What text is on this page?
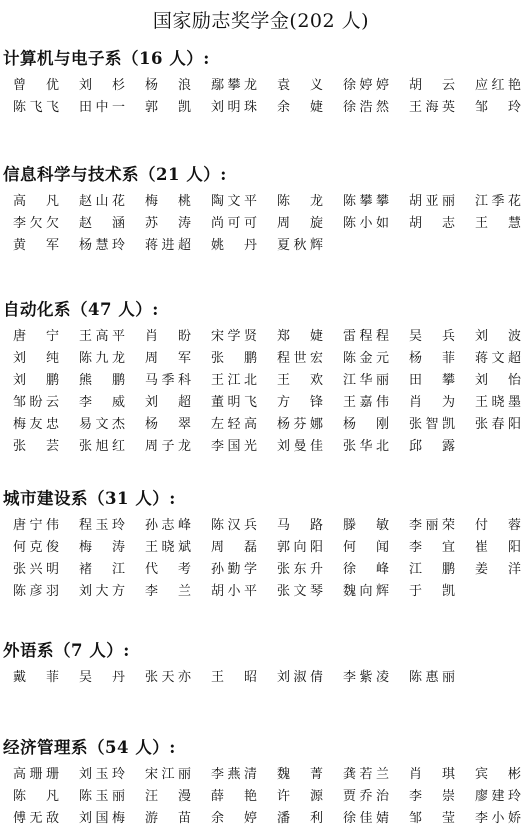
国家励志奖学金(202 人)
计算机与电子系（16 人）:
曾 优 刘 杉 杨 浪 鄢攀龙 袁 义 徐婷婷 胡 云 应红艳
陈飞飞 田中一 郭 凯 刘明珠 余 婕 徐浩然 王海英 邹 玲
信息科学与技术系（21 人）:
高 凡 赵山花 梅 桃 陶文平 陈 龙 陈攀攀 胡亚丽 江季花
李欠欠 赵 涵 苏 涛 尚可可 周 旋 陈小如 胡 志 王 慧
黄 军 杨慧玲 蒋进超 姚 丹 夏秋辉
自动化系（47 人）:
唐 宁 王高平 肖 盼 宋学贤 郑 婕 雷程程 吴 兵 刘 波
刘 纯 陈九龙 周 军 张 鹏 程世宏 陈金元 杨 菲 蒋文超
刘 鹏 熊 鹏 马季科 王江北 王 欢 江华丽 田 攀 刘 怡
邹盼云 李 威 刘 超 董明飞 方 锋 王嘉伟 肖 为 王晓墨
梅友忠 易文杰 杨 翠 左轻高 杨芬娜 杨 刚 张智凯 张春阳
张 芸 张旭红 周子龙 李国光 刘曼佳 张华北 邱 露
城市建设系（31 人）:
唐宁伟 程玉玲 孙志峰 陈汉兵 马 路 滕 敏 李丽荣 付 蓉
何克俊 梅 涛 王晓斌 周 磊 郭向阳 何 闻 李 宜 崔 阳
张兴明 褚 江 代 考 孙勤学 张东升 徐 峰 江 鹏 姜 洋
陈彦羽 刘大方 李 兰 胡小平 张文琴 魏向辉 于 凯
外语系（7 人）:
戴 菲 吴 丹 张天亦 王 昭 刘淑倩 李紫凌 陈惠丽
经济管理系（54 人）:
高珊珊 刘玉玲 宋江丽 李燕清 魏 菁 龚若兰 肖 琪 宾 彬
陈 凡 陈玉丽 汪 漫 薛 艳 许 源 贾乔治 李 崇 廖建玲
傅无敌 刘国梅 游 苗 余 婷 潘 利 徐佳婧 邹 莹 李小娇
